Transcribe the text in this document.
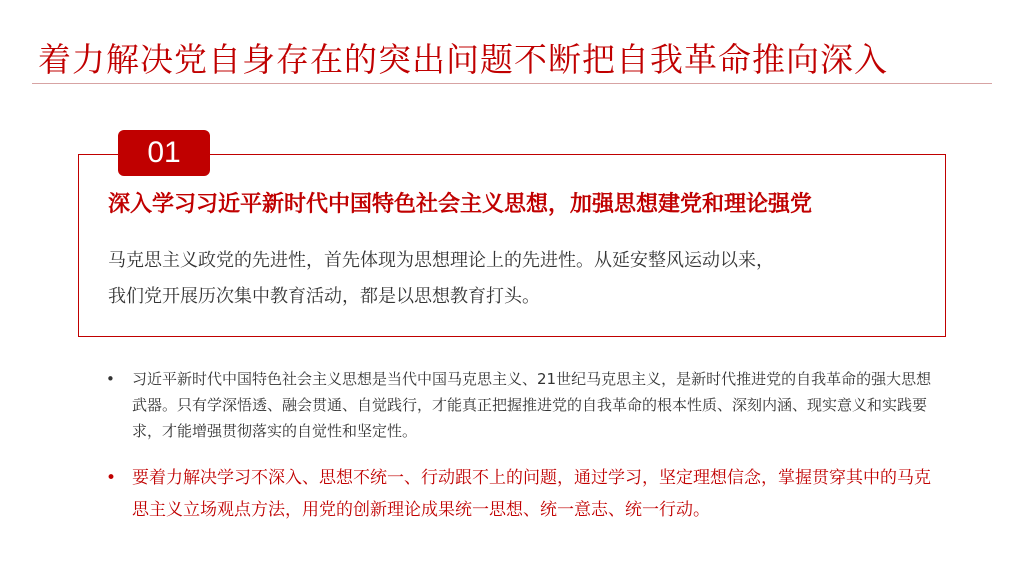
着力解决党自身存在的突出问题不断把自我革命推向深入
01
深入学习习近平新时代中国特色社会主义思想，加强思想建党和理论强党

马克思主义政党的先进性，首先体现为思想理论上的先进性。从延安整风运动以来，

我们党开展历次集中教育活动，都是以思想教育打头。

• 习近平新时代中国特色社会主义思想是当代中国马克思主义、21世纪马克思主义，是新时代推进党的自我革命的强大思想武器。只有学深悟透、融会贯通、自觉践行，才能真正把握推进党的自我革命的根本性质、深刻内涵、现实意义和实践要求，才能增强贯彻落实的自觉性和坚定性。
• 要着力解决学习不深入、思想不统一、行动跟不上的问题，通过学习，坚定理想信念，掌握贯穿其中的马克思主义立场观点方法，用党的创新理论成果统一思想、统一意志、统一行动。
